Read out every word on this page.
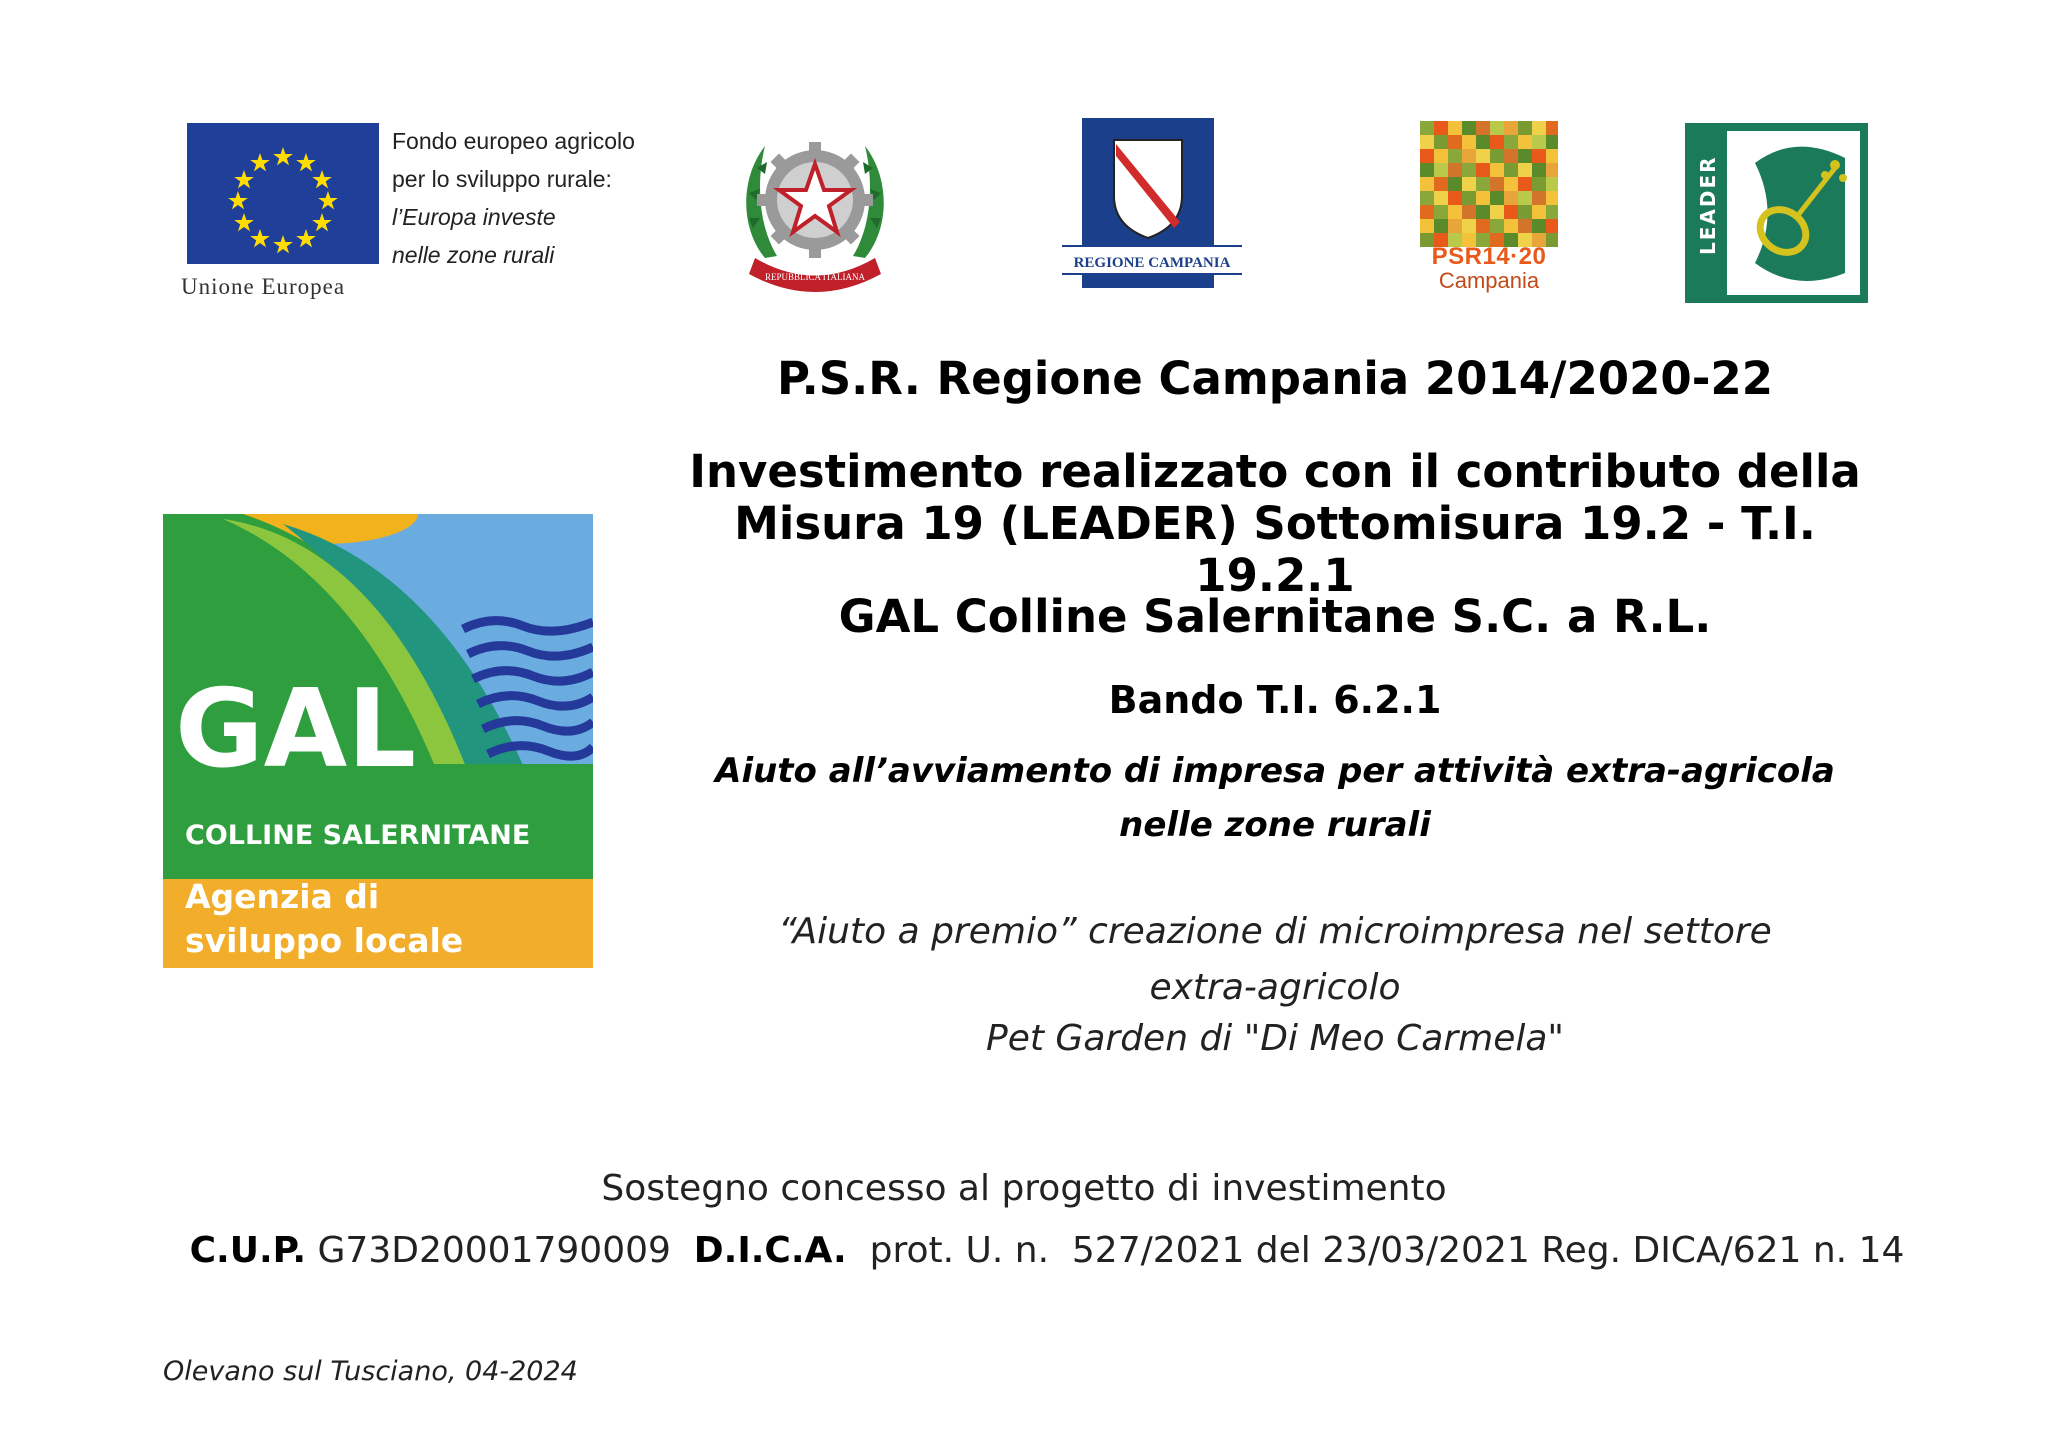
Fondo europeo agricolo
per lo sviluppo rurale:
l’Europa investe
nelle zone rurali
Unione Europea	REPUBBLICA ITALIANA
REGIONE CAMPANIA	PSR14·20
Campania
LEADER
GAL
COLLINE SALERNITANE
Agenzia di
sviluppo locale
P.S.R. Regione Campania 2014/2020-22
Investimento realizzato con il contributo della
Misura 19 (LEADER) Sottomisura 19.2 - T.I. 19.2.1
GAL Colline Salernitane S.C. a R.L.
Bando T.I. 6.2.1
Aiuto all’avviamento di impresa per attività extra-agricola
nelle zone rurali
“Aiuto a premio” creazione di microimpresa nel settore
extra-agricolo
Pet Garden di "Di Meo Carmela"
Sostegno concesso al progetto di investimento
C.U.P. G73D20001790009 D.I.C.A. prot. U. n. 527/2021 del 23/03/2021 Reg. DICA/621 n. 14
Olevano sul Tusciano, 04-2024
